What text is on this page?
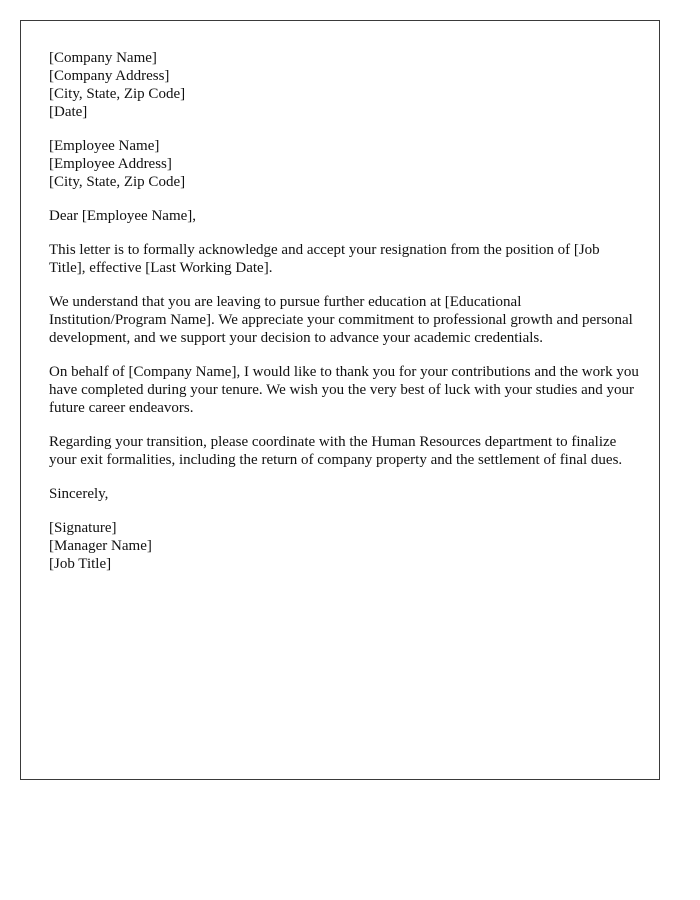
[Company Name]
[Company Address]
[City, State, Zip Code]
[Date]
[Employee Name]
[Employee Address]
[City, State, Zip Code]
Dear [Employee Name],

This letter is to formally acknowledge and accept your resignation from the position of [Job Title], effective [Last Working Date].

We understand that you are leaving to pursue further education at [Educational Institution/Program Name]. We appreciate your commitment to professional growth and personal development, and we support your decision to advance your academic credentials.

On behalf of [Company Name], I would like to thank you for your contributions and the work you have completed during your tenure. We wish you the very best of luck with your studies and your future career endeavors.

Regarding your transition, please coordinate with the Human Resources department to finalize your exit formalities, including the return of company property and the settlement of final dues.

Sincerely,
[Signature]
[Manager Name]
[Job Title]
